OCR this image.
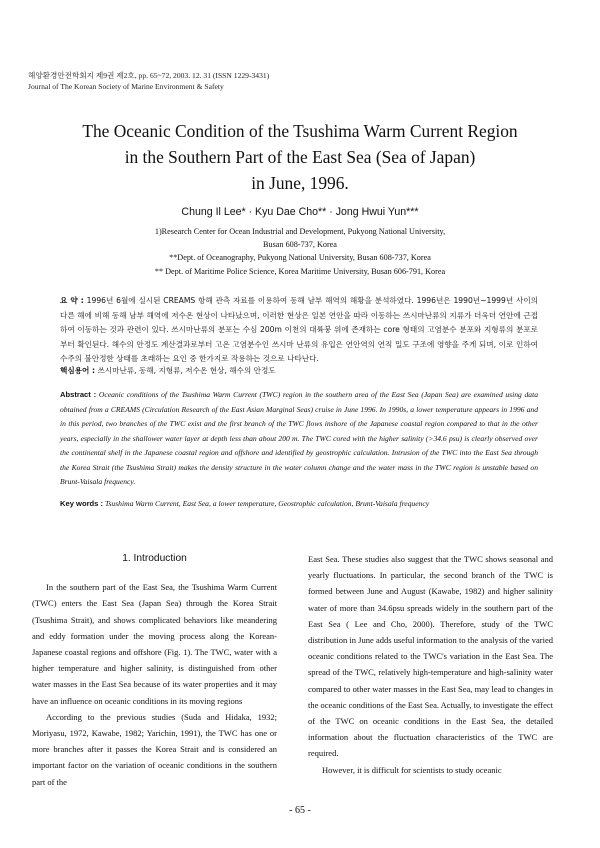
해양환경안전학회지 제9권 제2호, pp. 65~72, 2003. 12. 31 (ISSN 1229-3431)
Journal of The Korean Society of Marine Environment & Safety
The Oceanic Condition of the Tsushima Warm Current Region
in the Southern Part of the East Sea (Sea of Japan)
in June, 1996.
Chung Il Lee* · Kyu Dae Cho** · Jong Hwui Yun***
1)Research Center for Ocean Industrial and Development, Pukyong National University,
Busan 608-737, Korea
**Dept. of Oceanography, Pukyong National University, Busan 608-737, Korea
** Dept. of Maritime Police Science, Korea Maritime University, Busan 606-791, Korea
요 약 : 1996년 6월에 실시된 CREAMS 항해 관측 자료를 이용하여 동해 남부 해역의 해황을 분석하였다. 1996년은 1990년~1999년 사이의 다른 해에 비해 동해 남부 해역에 저수온 현상이 나타났으며, 이러한 현상은 일본 연안을 따라 이동하는 쓰시마난류의 지류가 더욱더 연안에 근접하여 이동하는 것과 관련이 있다. 쓰시마난류의 분포는 수심 200m 이천의 대륙붕 위에 존재하는 core 형태의 고염분수 분포와 지형류의 분포로부터 확인된다. 해수의 안정도 계산결과로부터 고온 고염분수인 쓰시마 난류의 유입은 연안역의 연직 밀도 구조에 영향을 주게 되며, 이로 인하여 수주의 불안정한 상태를 초래하는 요인 중 한가지로 작용하는 것으로 나타난다.
핵심용어 : 쓰시마난류, 동해, 지형류, 저수온 현상, 해수의 안정도
Abstract : Oceanic conditions of the Tsushima Warm Current (TWC) region in the southern area of the East Sea (Japan Sea) are examined using data obtained from a CREAMS (Circulation Research of the East Asian Marginal Seas) cruise in June 1996. In 1990s, a lower temperature appears in 1996 and in this period, two branches of the TWC exist and the first branch of the TWC flows inshore of the Japanese coastal region compared to that in the other years, especially in the shallower water layer at depth less than about 200 m. The TWC cored with the higher salinity (>34.6 psu) is clearly observed over the continental shelf in the Japanese coastal region and offshore and identified by geostrophic calculation. Intrusion of the TWC into the East Sea through the Korea Strait (the Tsushima Strait) makes the density structure in the water column change and the water mass in the TWC region is unstable based on Brunt-Vaisala frequency.
Key words : Tsushima Warm Current, East Sea, a lower temperature, Geostrophic calculation, Brunt-Vaisala frequency
1. Introduction

In the southern part of the East Sea, the Tsushima Warm Current (TWC) enters the East Sea (Japan Sea) through the Korea Strait (Tsushima Strait), and shows complicated behaviors like meandering and eddy formation under the moving process along the Korean-Japanese coastal regions and offshore (Fig. 1). The TWC, water with a higher temperature and higher salinity, is distinguished from other water masses in the East Sea because of its water properties and it may have an influence on oceanic conditions in its moving regions

According to the previous studies (Suda and Hidaka, 1932; Moriyasu, 1972, Kawabe, 1982; Yarichin, 1991), the TWC has one or more branches after it passes the Korea Strait and is considered an important factor on the variation of oceanic conditions in the southern part of the

East Sea. These studies also suggest that the TWC shows seasonal and yearly fluctuations. In particular, the second branch of the TWC is formed between June and August (Kawabe, 1982) and higher salinity water of more than 34.6psu spreads widely in the southern part of the East Sea ( Lee and Cho, 2000). Therefore, study of the TWC distribution in June adds useful information to the analysis of the varied oceanic conditions related to the TWC's variation in the East Sea. The spread of the TWC, relatively high-temperature and high-salinity water compared to other water masses in the East Sea, may lead to changes in the oceanic conditions of the East Sea. Actually, to investigate the effect of the TWC on oceanic conditions in the East Sea, the detailed information about the fluctuation characteristics of the TWC are required.

However, it is difficult for scientists to study oceanic

- 65 -
